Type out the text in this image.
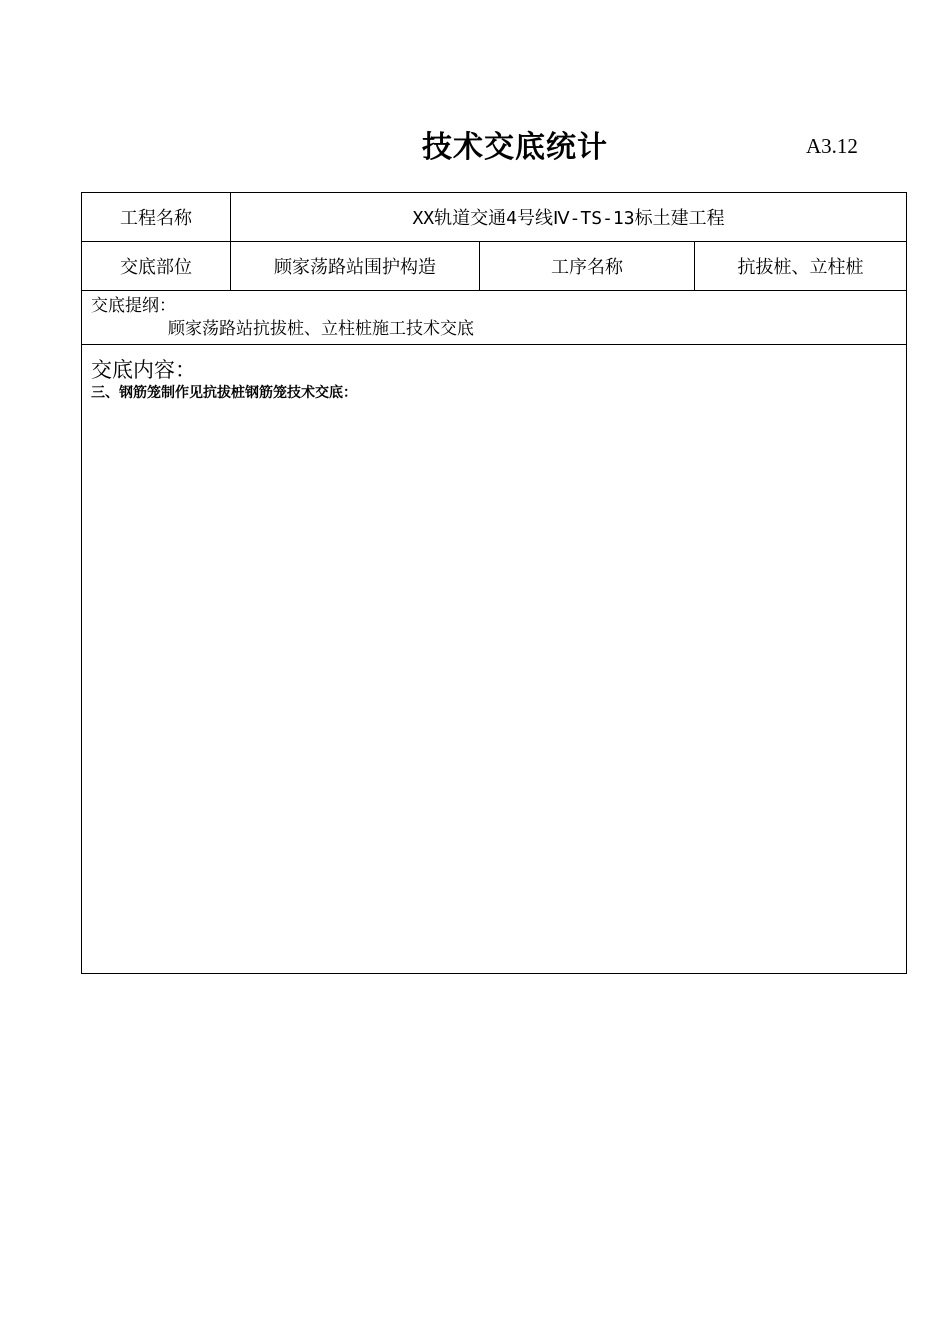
技术交底统计	A3.12
工程名称	XX轨道交通4号线Ⅳ-TS-13标土建工程		
交底部位	顾家荡路站围护构造	工序名称	抗拔桩、立柱桩
交底提纲：
顾家荡路站抗拔桩、立柱桩施工技术交底			

交底内容：
三、钢筋笼制作见抗拔桩钢筋笼技术交底：			
